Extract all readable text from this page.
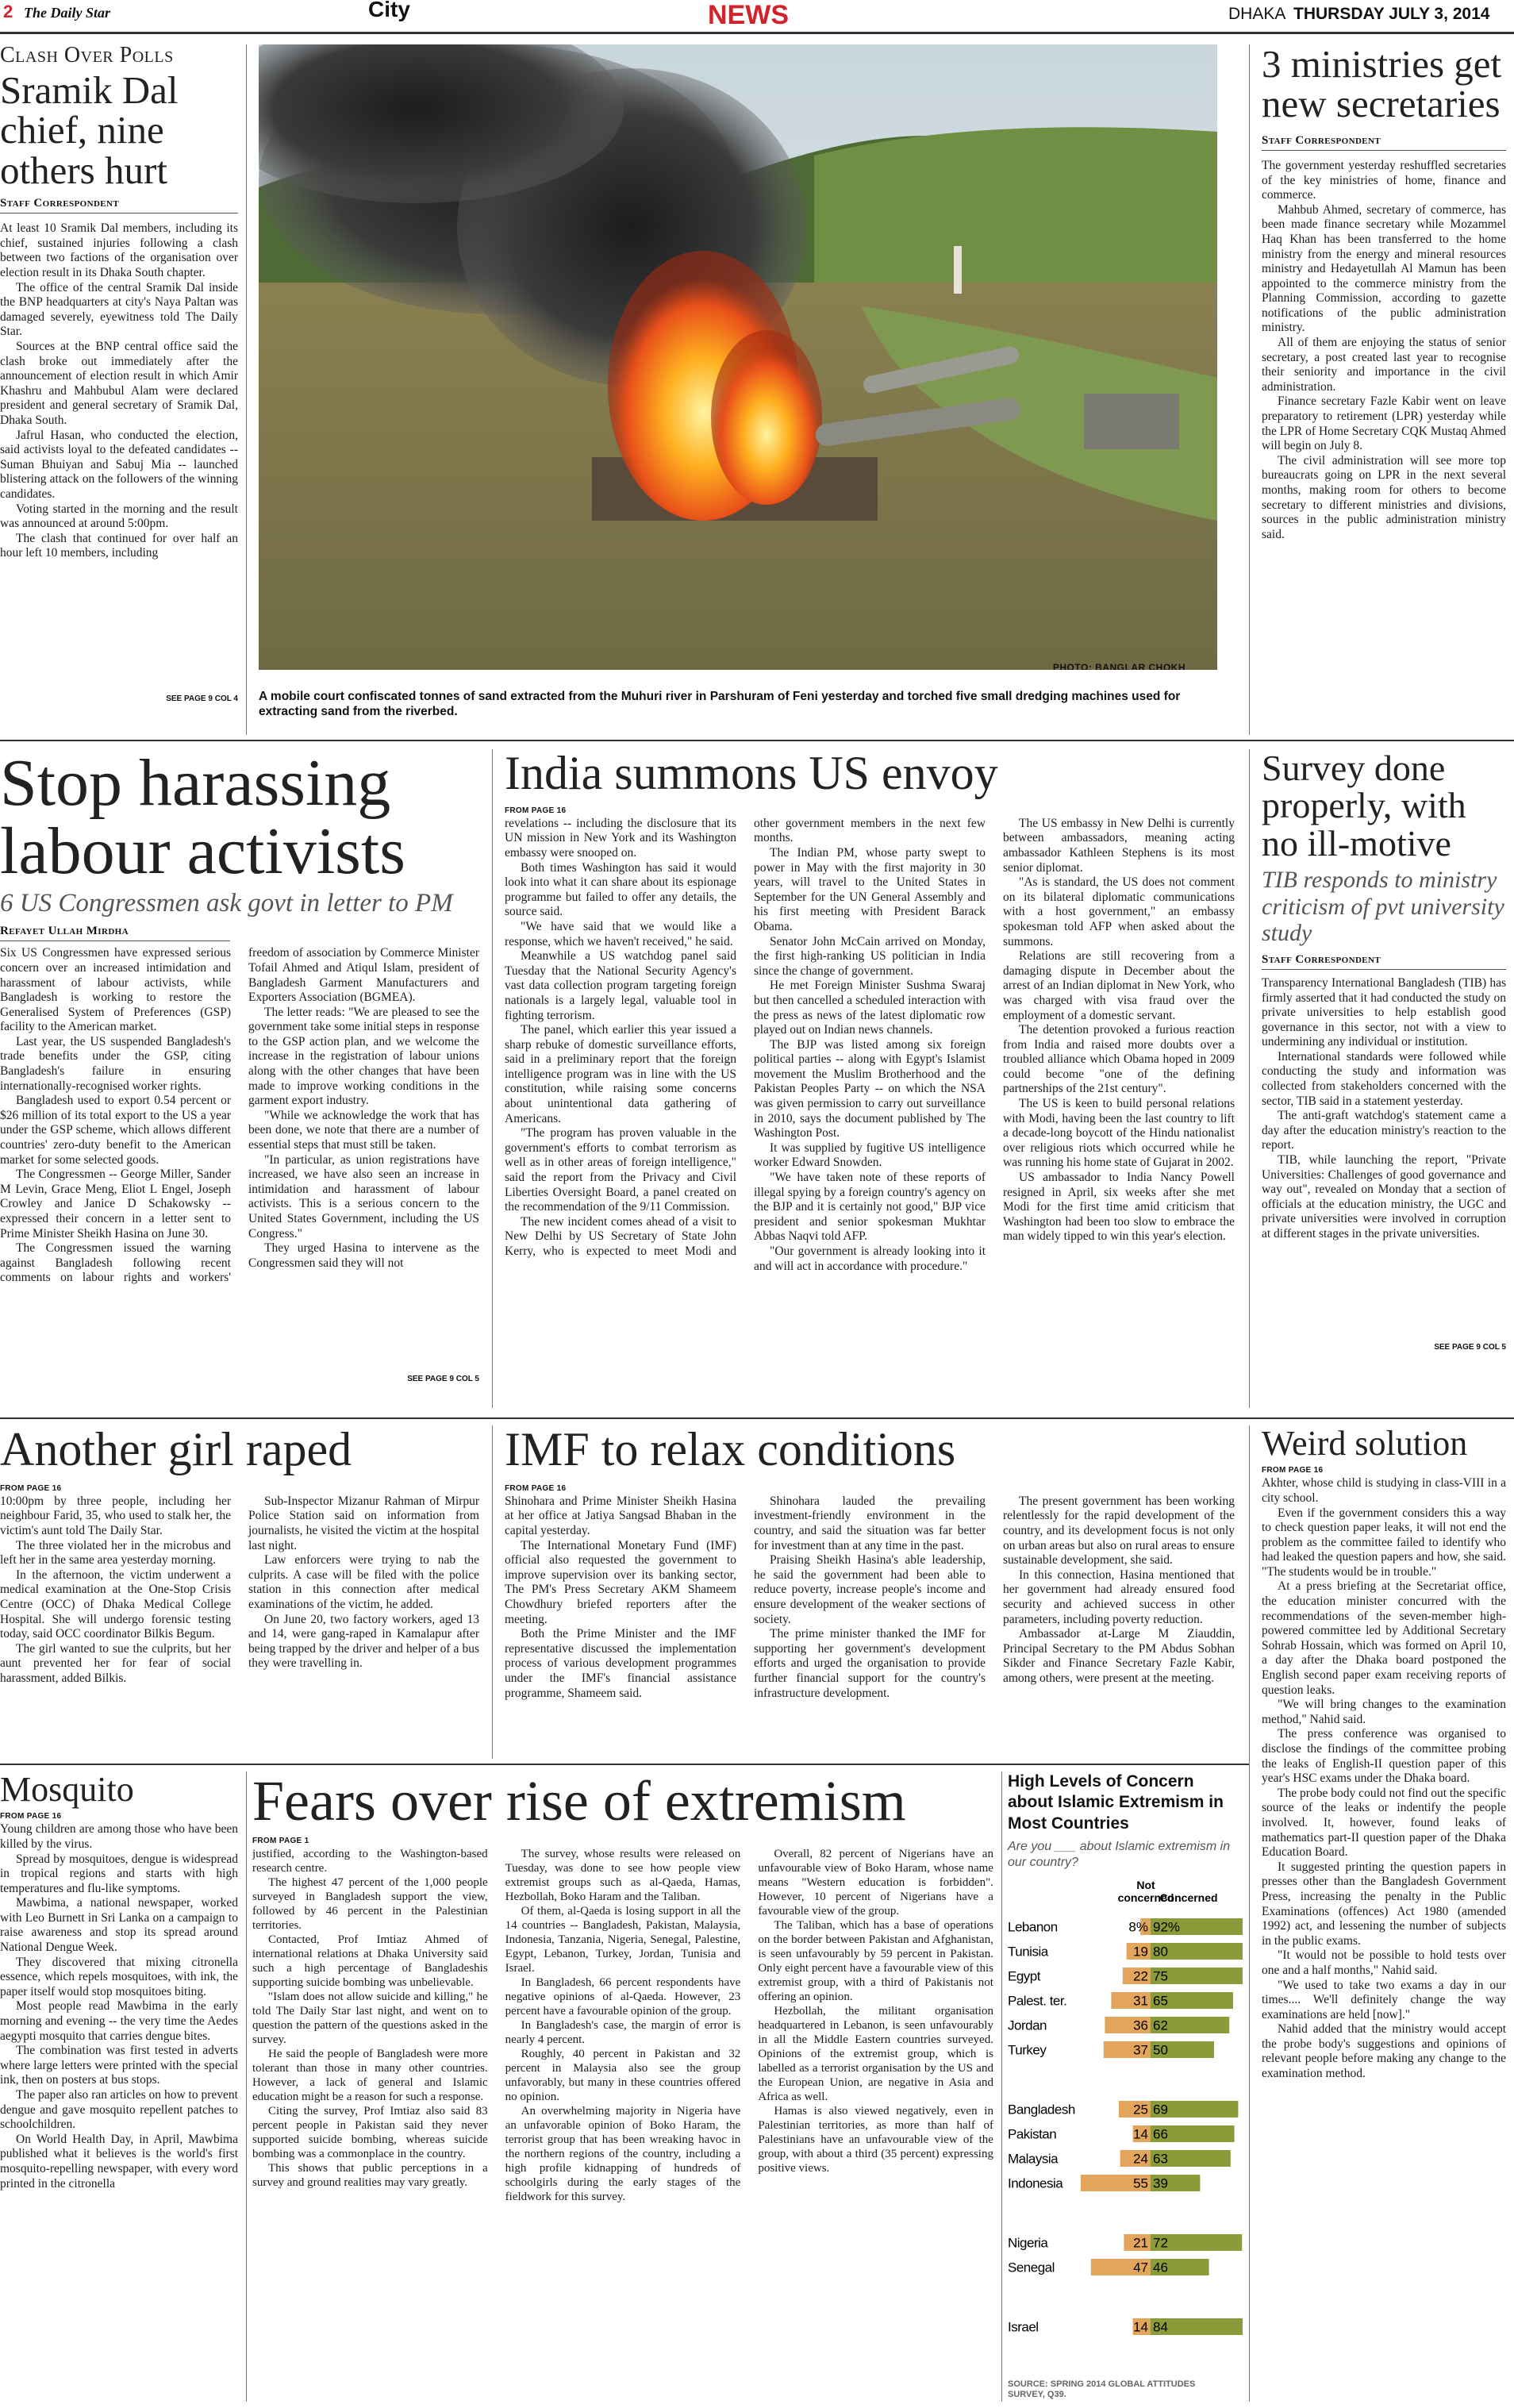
2 The Daily Star	City	NEWS	DHAKA THURSDAY JULY 3, 2014
Clash Over Polls
Sramik Dal chief, nine others hurt
Staff Correspondent

At least 10 Sramik Dal members, including its chief, sustained injuries following a clash between two factions of the organisation over election result in its Dhaka South chapter.

The office of the central Sramik Dal inside the BNP headquarters at city's Naya Paltan was damaged severely, eyewitness told The Daily Star.

Sources at the BNP central office said the clash broke out immediately after the announcement of election result in which Amir Khashru and Mahbubul Alam were declared president and general secretary of Sramik Dal, Dhaka South.

Jafrul Hasan, who conducted the election, said activists loyal to the defeated candidates -- Suman Bhuiyan and Sabuj Mia -- launched blistering attack on the followers of the winning candidates.

Voting started in the morning and the result was announced at around 5:00pm.

The clash that continued for over half an hour left 10 members, including

SEE PAGE 9 COL 4
PHOTO: BANGLAR CHOKH
A mobile court confiscated tonnes of sand extracted from the Muhuri river in Parshuram of Feni yesterday and torched five small dredging machines used for extracting sand from the riverbed.
3 ministries get new secretaries
Staff Correspondent

The government yesterday reshuffled secretaries of the key ministries of home, finance and commerce.

Mahbub Ahmed, secretary of commerce, has been made finance secretary while Mozammel Haq Khan has been transferred to the home ministry from the energy and mineral resources ministry and Hedayetullah Al Mamun has been appointed to the commerce ministry from the Planning Commission, according to gazette notifications of the public administration ministry.

All of them are enjoying the status of senior secretary, a post created last year to recognise their seniority and importance in the civil administration.

Finance secretary Fazle Kabir went on leave preparatory to retirement (LPR) yesterday while the LPR of Home Secretary CQK Mustaq Ahmed will begin on July 8.

The civil administration will see more top bureaucrats going on LPR in the next several months, making room for others to become secretary to different ministries and divisions, sources in the public administration ministry said.

Stop harassing labour activists
6 US Congressmen ask govt in letter to PM
Refayet Ullah Mirdha

Six US Congressmen have expressed serious concern over an increased intimidation and harassment of labour activists, while Bangladesh is working to restore the Generalised System of Preferences (GSP) facility to the American market.

Last year, the US suspended Bangladesh's trade benefits under the GSP, citing Bangladesh's failure in ensuring internationally-recognised worker rights.

Bangladesh used to export 0.54 percent or $26 million of its total export to the US a year under the GSP scheme, which allows different countries' zero-duty benefit to the American market for some selected goods.

The Congressmen -- George Miller, Sander M Levin, Grace Meng, Eliot L Engel, Joseph Crowley and Janice D Schakowsky -- expressed their concern in a letter sent to Prime Minister Sheikh Hasina on June 30.

The Congressmen issued the warning against Bangladesh following recent comments on labour rights and workers' freedom of association by Commerce Minister Tofail Ahmed and Atiqul Islam, president of Bangladesh Garment Manufacturers and Exporters Association (BGMEA).

The letter reads: "We are pleased to see the government take some initial steps in response to the GSP action plan, and we welcome the increase in the registration of labour unions along with the other changes that have been made to improve working conditions in the garment export industry.

"While we acknowledge the work that has been done, we note that there are a number of essential steps that must still be taken.

"In particular, as union registrations have increased, we have also seen an increase in intimidation and harassment of labour activists. This is a serious concern to the United States Government, including the US Congress."

They urged Hasina to intervene as the Congressmen said they will not

SEE PAGE 9 COL 5
India summons US envoy
FROM PAGE 16

revelations -- including the disclosure that its UN mission in New York and its Washington embassy were snooped on.

Both times Washington has said it would look into what it can share about its espionage programme but failed to offer any details, the source said.

"We have said that we would like a response, which we haven't received," he said.

Meanwhile a US watchdog panel said Tuesday that the National Security Agency's vast data collection program targeting foreign nationals is a largely legal, valuable tool in fighting terrorism.

The panel, which earlier this year issued a sharp rebuke of domestic surveillance efforts, said in a preliminary report that the foreign intelligence program was in line with the US constitution, while raising some concerns about unintentional data gathering of Americans.

"The program has proven valuable in the government's efforts to combat terrorism as well as in other areas of foreign intelligence," said the report from the Privacy and Civil Liberties Oversight Board, a panel created on the recommendation of the 9/11 Commission.

The new incident comes ahead of a visit to New Delhi by US Secretary of State John Kerry, who is expected to meet Modi and other government members in the next few months.

The Indian PM, whose party swept to power in May with the first majority in 30 years, will travel to the United States in September for the UN General Assembly and his first meeting with President Barack Obama.

Senator John McCain arrived on Monday, the first high-ranking US politician in India since the change of government.

He met Foreign Minister Sushma Swaraj but then cancelled a scheduled interaction with the press as news of the latest diplomatic row played out on Indian news channels.

The BJP was listed among six foreign political parties -- along with Egypt's Islamist movement the Muslim Brotherhood and the Pakistan Peoples Party -- on which the NSA was given permission to carry out surveillance in 2010, says the document published by The Washington Post.

It was supplied by fugitive US intelligence worker Edward Snowden.

"We have taken note of these reports of illegal spying by a foreign country's agency on the BJP and it is certainly not good," BJP vice president and senior spokesman Mukhtar Abbas Naqvi told AFP.

"Our government is already looking into it and will act in accordance with procedure."

The US embassy in New Delhi is currently between ambassadors, meaning acting ambassador Kathleen Stephens is its most senior diplomat.

"As is standard, the US does not comment on its bilateral diplomatic communications with a host government," an embassy spokesman told AFP when asked about the summons.

Relations are still recovering from a damaging dispute in December about the arrest of an Indian diplomat in New York, who was charged with visa fraud over the employment of a domestic servant.

The detention provoked a furious reaction from India and raised more doubts over a troubled alliance which Obama hoped in 2009 could become "one of the defining partnerships of the 21st century".

The US is keen to build personal relations with Modi, having been the last country to lift a decade-long boycott of the Hindu nationalist over religious riots which occurred while he was running his home state of Gujarat in 2002.

US ambassador to India Nancy Powell resigned in April, six weeks after she met Modi for the first time amid criticism that Washington had been too slow to embrace the man widely tipped to win this year's election.

Survey done properly, with no ill-motive
TIB responds to ministry criticism of pvt university study
Staff Correspondent

Transparency International Bangladesh (TIB) has firmly asserted that it had conducted the study on private universities to help establish good governance in this sector, not with a view to undermining any individual or institution.

International standards were followed while conducting the study and information was collected from stakeholders concerned with the sector, TIB said in a statement yesterday.

The anti-graft watchdog's statement came a day after the education ministry's reaction to the report.

TIB, while launching the report, "Private Universities: Challenges of good governance and way out", revealed on Monday that a section of officials at the education ministry, the UGC and private universities were involved in corruption at different stages in the private universities.

SEE PAGE 9 COL 5
Another girl raped
FROM PAGE 16

10:00pm by three people, including her neighbour Farid, 35, who used to stalk her, the victim's aunt told The Daily Star.

The three violated her in the microbus and left her in the same area yesterday morning.

In the afternoon, the victim underwent a medical examination at the One-Stop Crisis Centre (OCC) of Dhaka Medical College Hospital. She will undergo forensic testing today, said OCC coordinator Bilkis Begum.

The girl wanted to sue the culprits, but her aunt prevented her for fear of social harassment, added Bilkis.

Sub-Inspector Mizanur Rahman of Mirpur Police Station said on information from journalists, he visited the victim at the hospital last night.

Law enforcers were trying to nab the culprits. A case will be filed with the police station in this connection after medical examinations of the victim, he added.

On June 20, two factory workers, aged 13 and 14, were gang-raped in Kamalapur after being trapped by the driver and helper of a bus they were travelling in.

IMF to relax conditions
FROM PAGE 16

Shinohara and Prime Minister Sheikh Hasina at her office at Jatiya Sangsad Bhaban in the capital yesterday.

The International Monetary Fund (IMF) official also requested the government to improve supervision over its banking sector, The PM's Press Secretary AKM Shameem Chowdhury briefed reporters after the meeting.

Both the Prime Minister and the IMF representative discussed the implementation process of various development programmes under the IMF's financial assistance programme, Shameem said.

Shinohara lauded the prevailing investment-friendly environment in the country, and said the situation was far better for investment than at any time in the past.

Praising Sheikh Hasina's able leadership, he said the government had been able to reduce poverty, increase people's income and ensure development of the weaker sections of society.

The prime minister thanked the IMF for supporting her government's development efforts and urged the organisation to provide further financial support for the country's infrastructure development.

The present government has been working relentlessly for the rapid development of the country, and its development focus is not only on urban areas but also on rural areas to ensure sustainable development, she said.

In this connection, Hasina mentioned that her government had already ensured food security and achieved success in other parameters, including poverty reduction.

Ambassador at-Large M Ziauddin, Principal Secretary to the PM Abdus Sobhan Sikder and Finance Secretary Fazle Kabir, among others, were present at the meeting.

Weird solution
FROM PAGE 16

Akhter, whose child is studying in class-VIII in a city school.

Even if the government considers this a way to check question paper leaks, it will not end the problem as the committee failed to identify who had leaked the question papers and how, she said. "The students would be in trouble."

At a press briefing at the Secretariat office, the education minister concurred with the recommendations of the seven-member high-powered committee led by Additional Secretary Sohrab Hossain, which was formed on April 10, a day after the Dhaka board postponed the English second paper exam receiving reports of question leaks.

"We will bring changes to the examination method," Nahid said.

The press conference was organised to disclose the findings of the committee probing the leaks of English-II question paper of this year's HSC exams under the Dhaka board.

The probe body could not find out the specific source of the leaks or indentify the people involved. It, however, found leaks of mathematics part-II question paper of the Dhaka Education Board.

It suggested printing the question papers in presses other than the Bangladesh Government Press, increasing the penalty in the Public Examinations (offences) Act 1980 (amended 1992) act, and lessening the number of subjects in the public exams.

"It would not be possible to hold tests over one and a half months," Nahid said.

"We used to take two exams a day in our times.... We'll definitely change the way examinations are held [now]."

Nahid added that the ministry would accept the probe body's suggestions and opinions of relevant people before making any change to the examination method.

Mosquito
FROM PAGE 16

Young children are among those who have been killed by the virus.

Spread by mosquitoes, dengue is widespread in tropical regions and starts with high temperatures and flu-like symptoms.

Mawbima, a national newspaper, worked with Leo Burnett in Sri Lanka on a campaign to raise awareness and stop its spread around National Dengue Week.

They discovered that mixing citronella essence, which repels mosquitoes, with ink, the paper itself would stop mosquitoes biting.

Most people read Mawbima in the early morning and evening -- the very time the Aedes aegypti mosquito that carries dengue bites.

The combination was first tested in adverts where large letters were printed with the special ink, then on posters at bus stops.

The paper also ran articles on how to prevent dengue and gave mosquito repellent patches to schoolchildren.

On World Health Day, in April, Mawbima published what it believes is the world's first mosquito-repelling newspaper, with every word printed in the citronella

Fears over rise of extremism
FROM PAGE 1

justified, according to the Washington-based research centre.

The highest 47 percent of the 1,000 people surveyed in Bangladesh support the view, followed by 46 percent in the Palestinian territories.

Contacted, Prof Imtiaz Ahmed of international relations at Dhaka University said such a high percentage of Bangladeshis supporting suicide bombing was unbelievable.

"Islam does not allow suicide and killing," he told The Daily Star last night, and went on to question the pattern of the questions asked in the survey.

He said the people of Bangladesh were more tolerant than those in many other countries. However, a lack of general and Islamic education might be a reason for such a response.

Citing the survey, Prof Imtiaz also said 83 percent people in Pakistan said they never supported suicide bombing, whereas suicide bombing was a commonplace in the country.

This shows that public perceptions in a survey and ground realities may vary greatly.

The survey, whose results were released on Tuesday, was done to see how people view extremist groups such as al-Qaeda, Hamas, Hezbollah, Boko Haram and the Taliban.

Of them, al-Qaeda is losing support in all the 14 countries -- Bangladesh, Pakistan, Malaysia, Indonesia, Tanzania, Nigeria, Senegal, Palestine, Egypt, Lebanon, Turkey, Jordan, Tunisia and Israel.

In Bangladesh, 66 percent respondents have negative opinions of al-Qaeda. However, 23 percent have a favourable opinion of the group.

In Bangladesh's case, the margin of error is nearly 4 percent.

Roughly, 40 percent in Pakistan and 32 percent in Malaysia also see the group unfavorably, but many in these countries offered no opinion.

An overwhelming majority in Nigeria have an unfavorable opinion of Boko Haram, the terrorist group that has been wreaking havoc in the northern regions of the country, including a high profile kidnapping of hundreds of schoolgirls during the early stages of the fieldwork for this survey.

Overall, 82 percent of Nigerians have an unfavourable view of Boko Haram, whose name means "Western education is forbidden". However, 10 percent of Nigerians have a favourable view of the group.

The Taliban, which has a base of operations on the border between Pakistan and Afghanistan, is seen unfavourably by 59 percent in Pakistan. Only eight percent have a favourable view of this extremist group, with a third of Pakistanis not offering an opinion.

Hezbollah, the militant organisation headquartered in Lebanon, is seen unfavourably in all the Middle Eastern countries surveyed. Opinions of the extremist group, which is labelled as a terrorist organisation by the US and the European Union, are negative in Asia and Africa as well.

Hamas is also viewed negatively, even in Palestinian territories, as more than half of Palestinians have an unfavourable view of the group, with about a third (35 percent) expressing positive views.

High Levels of Concern about Islamic Extremism in Most Countries
Are you ___ about Islamic extremism in our country?
Not
concerned
Concerned
Lebanon	8% 92%
Tunisia	19 80
Egypt	22 75
Palest. ter.	31 65
Jordan	36 62
Turkey	37 50
Bangladesh	25 69
Pakistan	14 66
Malaysia	24 63
Indonesia	55 39
Nigeria	21 72
Senegal	47 46
Israel	14 84
SOURCE: SPRING 2014 GLOBAL ATTITUDES SURVEY, Q39.
